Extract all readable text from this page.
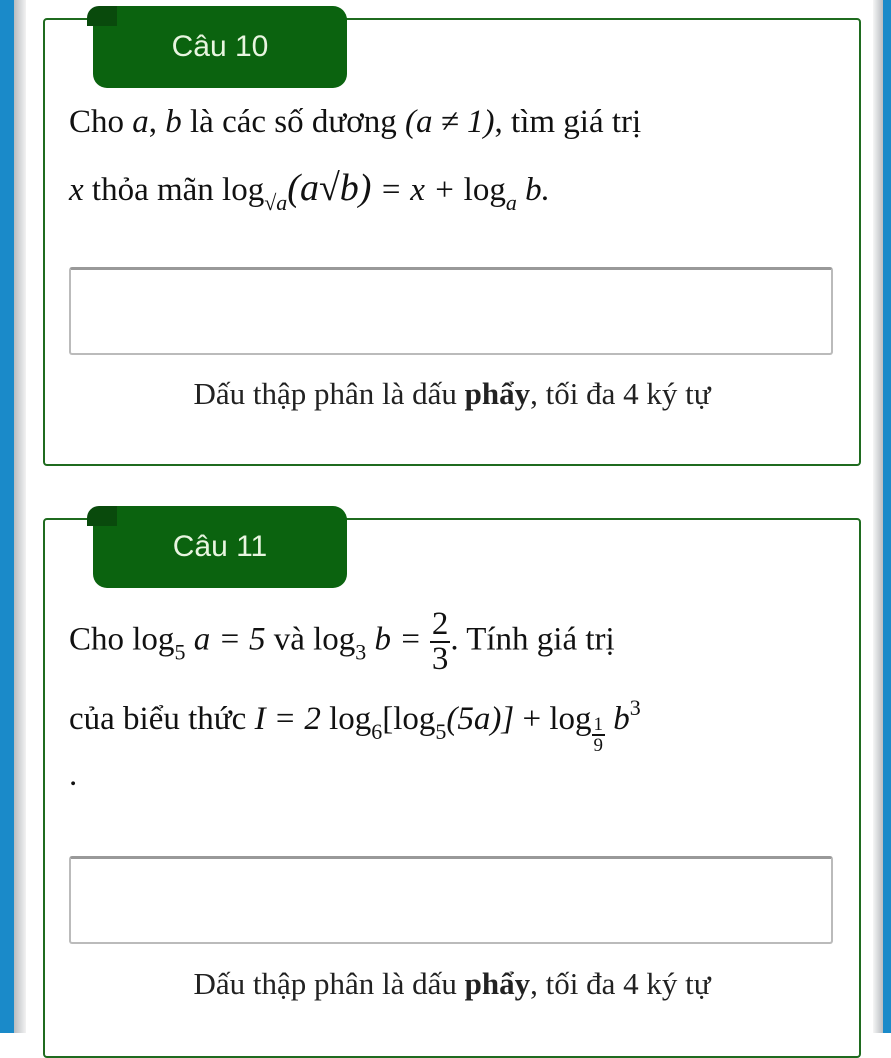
Câu 10
Cho a, b là các số dương (a ≠ 1), tìm giá trị
x thỏa mãn $\log_{√a}(a√b) = x + \log_a b$.
Dấu thập phân là dấu phẩy, tối đa 4 ký tự
Câu 11
Cho $\log_5 a = 5$ và $\log_3 b = \frac{2}{3}$ . Tính giá trị
của biểu thức I = 2 $\log_6[\log_5(5a)] + \log \frac{1}{9} b^3$
.
Dấu thập phân là dấu phẩy, tối đa 4 ký tự
